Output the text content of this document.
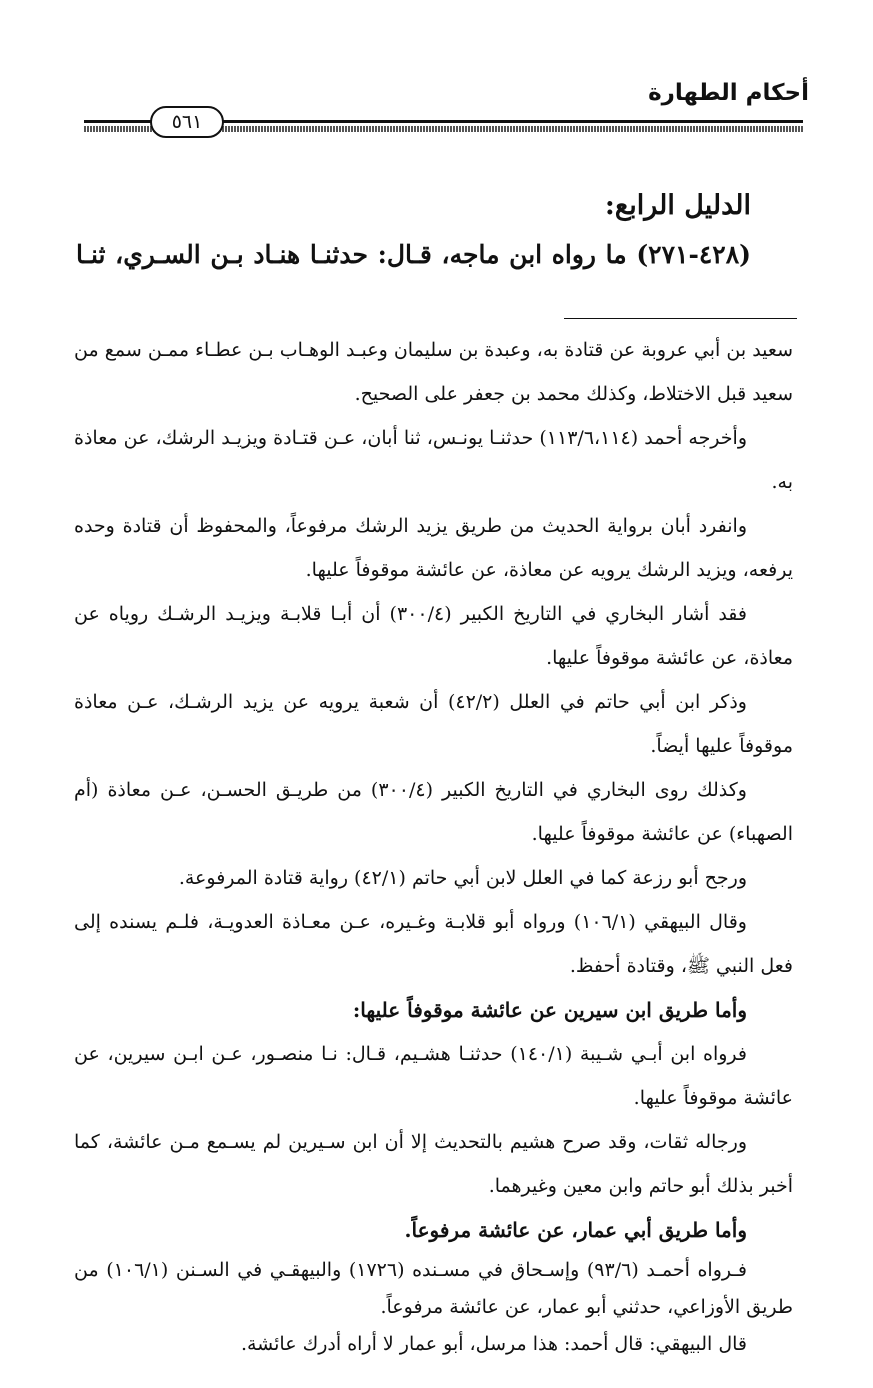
أحكام الطهارة
٥٦١
الدليل الرابع:
(٤٢٨-٢٧١) ما رواه ابن ماجه، قـال: حدثنـا هنـاد بـن السـري، ثنـا

سعيد بن أبي عروبة عن قتادة به، وعبدة بن سليمان وعبـد الوهـاب بـن عطـاء ممـن سمع من سعيد قبل الاختلاط، وكذلك محمد بن جعفر على الصحيح.

وأخرجه أحمد (١١٣/٦،١١٤) حدثنـا يونـس، ثنا أبان، عـن قتـادة ويزيـد الرشك، عن معاذة به.

وانفرد أبان برواية الحديث من طريق يزيد الرشك مرفوعاً، والمحفوظ أن قتادة وحده يرفعه، ويزيد الرشك يرويه عن معاذة، عن عائشة موقوفاً عليها.

فقد أشار البخاري في التاريخ الكبير (٣٠٠/٤) أن أبـا قلابـة ويزيـد الرشـك روياه عن معاذة، عن عائشة موقوفاً عليها.

وذكر ابن أبي حاتم في العلل (٤٢/٢) أن شعبة يرويه عن يزيد الرشـك، عـن معاذة موقوفاً عليها أيضاً.

وكذلك روى البخاري في التاريخ الكبير (٣٠٠/٤) من طريـق الحسـن، عـن معاذة (أم الصهباء) عن عائشة موقوفاً عليها.

ورجح أبو رزعة كما في العلل لابن أبي حاتم (٤٢/١) رواية قتادة المرفوعة.

وقال البيهقي (١٠٦/١) ورواه أبو قلابـة وغـيره، عـن معـاذة العدويـة، فلـم يسنده إلى فعل النبي ﷺ، وقتادة أحفظ.

وأما طريق ابن سيرين عن عائشة موقوفاً عليها:

فرواه ابن أبـي شـيبة (١٤٠/١) حدثنـا هشـيم، قـال: نـا منصـور، عـن ابـن سيرين، عن عائشة موقوفاً عليها.

ورجاله ثقات، وقد صرح هشيم بالتحديث إلا أن ابن سـيرين لم يسـمع مـن عائشة، كما أخبر بذلك أبو حاتم وابن معين وغيرهما.

وأما طريق أبي عمار، عن عائشة مرفوعاً.

فـرواه أحمـد (٩٣/٦) وإسـحاق في مسـنده (١٧٢٦) والبيهقـي في السـنن (١٠٦/١) من طريق الأوزاعي، حدثني أبو عمار، عن عائشة مرفوعاً.

قال البيهقي: قال أحمد: هذا مرسل، أبو عمار لا أراه أدرك عائشة.
